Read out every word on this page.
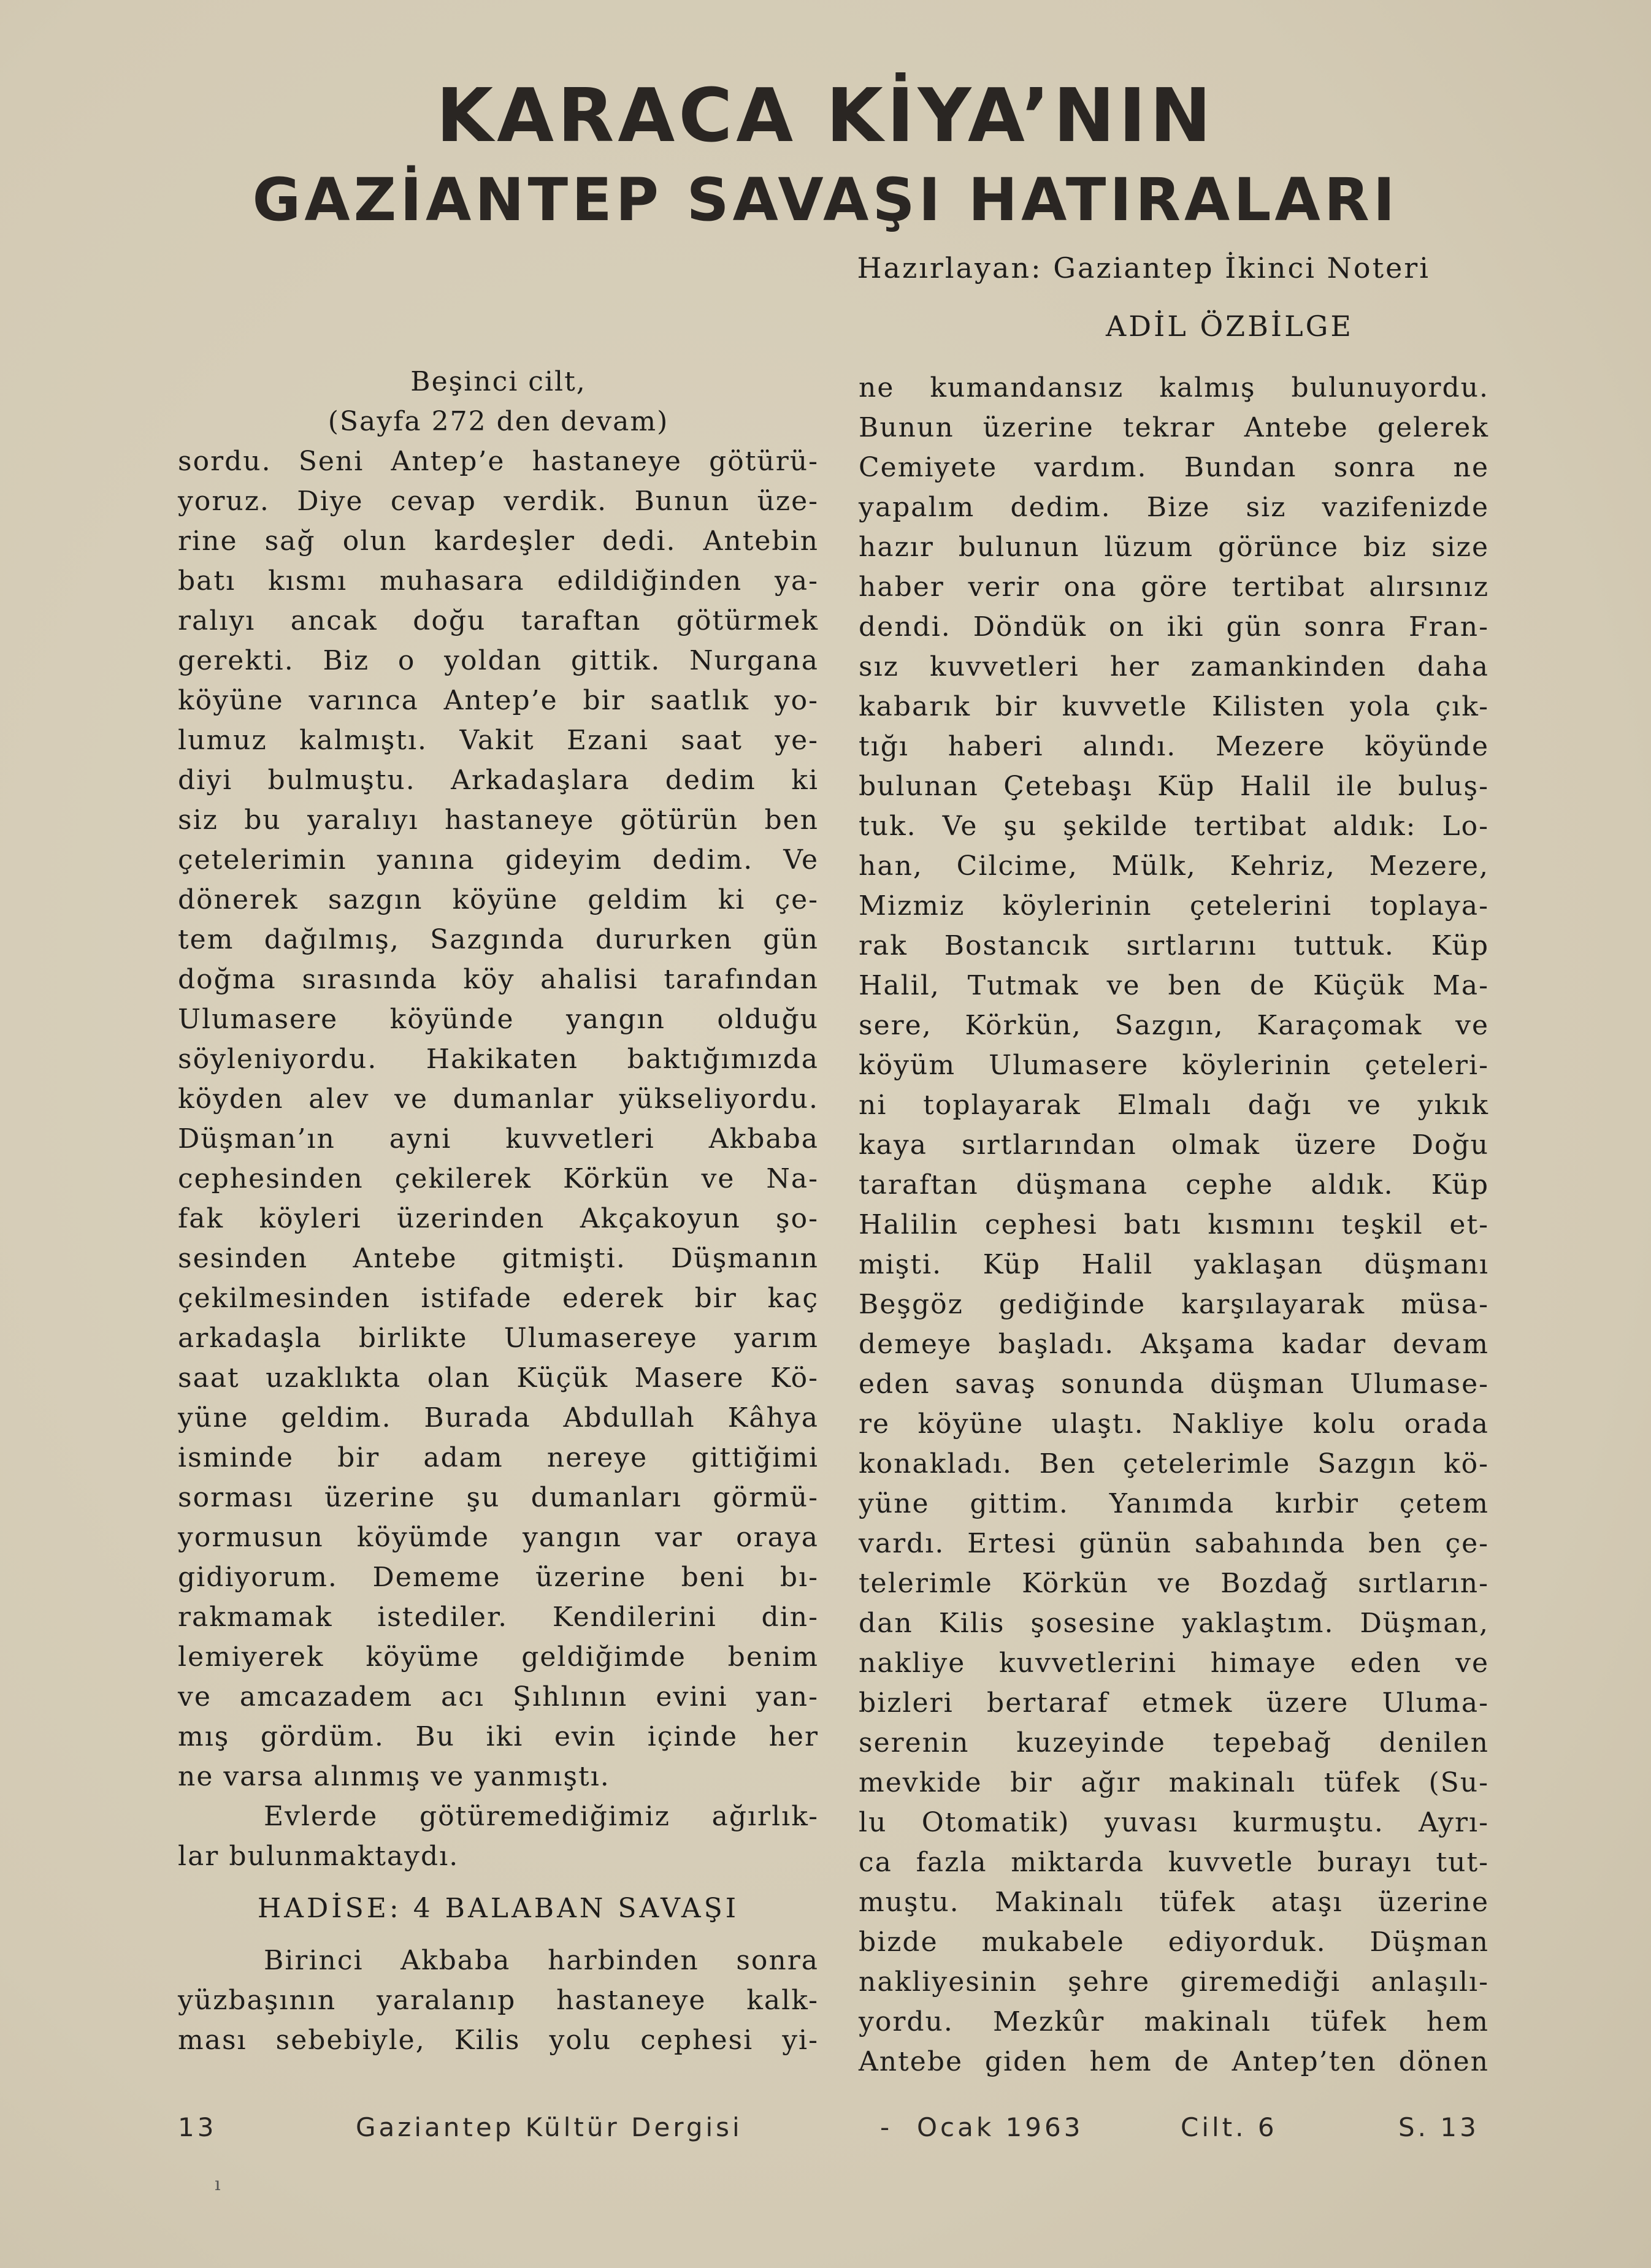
KARACA KİYA’NIN
GAZİANTEP SAVAŞI HATIRALARI
Hazırlayan: Gaziantep İkinci Noteri
ADİL ÖZBİLGE
Beşinci cilt,
(Sayfa 272 den devam)
sordu. Seni Antep’e hastaneye götürü-
yoruz. Diye cevap verdik. Bunun üze-
rine sağ olun kardeşler dedi. Antebin
batı kısmı muhasara edildiğinden ya-
ralıyı ancak doğu taraftan götürmek
gerekti. Biz o yoldan gittik. Nurgana
köyüne varınca Antep’e bir saatlık yo-
lumuz kalmıştı. Vakit Ezani saat ye-
diyi bulmuştu. Arkadaşlara dedim ki
siz bu yaralıyı hastaneye götürün ben
çetelerimin yanına gideyim dedim. Ve
dönerek sazgın köyüne geldim ki çe-
tem dağılmış, Sazgında dururken gün
doğma sırasında köy ahalisi tarafından
Ulumasere köyünde yangın olduğu
söyleniyordu. Hakikaten baktığımızda
köyden alev ve dumanlar yükseliyordu.
Düşman’ın ayni kuvvetleri Akbaba
cephesinden çekilerek Körkün ve Na-
fak köyleri üzerinden Akçakoyun şo-
sesinden Antebe gitmişti. Düşmanın
çekilmesinden istifade ederek bir kaç
arkadaşla birlikte Ulumasereye yarım
saat uzaklıkta olan Küçük Masere Kö-
yüne geldim. Burada Abdullah Kâhya
isminde bir adam nereye gittiğimi
sorması üzerine şu dumanları görmü-
yormusun köyümde yangın var oraya
gidiyorum. Dememe üzerine beni bı-
rakmamak istediler. Kendilerini din-
lemiyerek köyüme geldiğimde benim
ve amcazadem acı Şıhlının evini yan-
mış gördüm. Bu iki evin içinde her
ne varsa alınmış ve yanmıştı.
Evlerde götüremediğimiz ağırlık-
lar bulunmaktaydı.
HADİSE: 4 BALABAN SAVAŞI
Birinci Akbaba harbinden sonra
yüzbaşının yaralanıp hastaneye kalk-
ması sebebiyle, Kilis yolu cephesi yi-
ne kumandansız kalmış bulunuyordu.
Bunun üzerine tekrar Antebe gelerek
Cemiyete vardım. Bundan sonra ne
yapalım dedim. Bize siz vazifenizde
hazır bulunun lüzum görünce biz size
haber verir ona göre tertibat alırsınız
dendi. Döndük on iki gün sonra Fran-
sız kuvvetleri her zamankinden daha
kabarık bir kuvvetle Kilisten yola çık-
tığı haberi alındı. Mezere köyünde
bulunan Çetebaşı Küp Halil ile buluş-
tuk. Ve şu şekilde tertibat aldık: Lo-
han, Cilcime, Mülk, Kehriz, Mezere,
Mizmiz köylerinin çetelerini toplaya-
rak Bostancık sırtlarını tuttuk. Küp
Halil, Tutmak ve ben de Küçük Ma-
sere, Körkün, Sazgın, Karaçomak ve
köyüm Ulumasere köylerinin çeteleri-
ni toplayarak Elmalı dağı ve yıkık
kaya sırtlarından olmak üzere Doğu
taraftan düşmana cephe aldık. Küp
Halilin cephesi batı kısmını teşkil et-
mişti. Küp Halil yaklaşan düşmanı
Beşgöz gediğinde karşılayarak müsa-
demeye başladı. Akşama kadar devam
eden savaş sonunda düşman Ulumase-
re köyüne ulaştı. Nakliye kolu orada
konakladı. Ben çetelerimle Sazgın kö-
yüne gittim. Yanımda kırbir çetem
vardı. Ertesi günün sabahında ben çe-
telerimle Körkün ve Bozdağ sırtların-
dan Kilis şosesine yaklaştım. Düşman,
nakliye kuvvetlerini himaye eden ve
bizleri bertaraf etmek üzere Uluma-
serenin kuzeyinde tepebağ denilen
mevkide bir ağır makinalı tüfek (Su-
lu Otomatik) yuvası kurmuştu. Ayrı-
ca fazla miktarda kuvvetle burayı tut-
muştu. Makinalı tüfek ataşı üzerine
bizde mukabele ediyorduk. Düşman
nakliyesinin şehre giremediği anlaşılı-
yordu. Mezkûr makinalı tüfek hem
Antebe giden hem de Antep’ten dönen
13	Gaziantep Kültür Dergisi	- Ocak 1963	Cilt. 6	S. 13
ı
